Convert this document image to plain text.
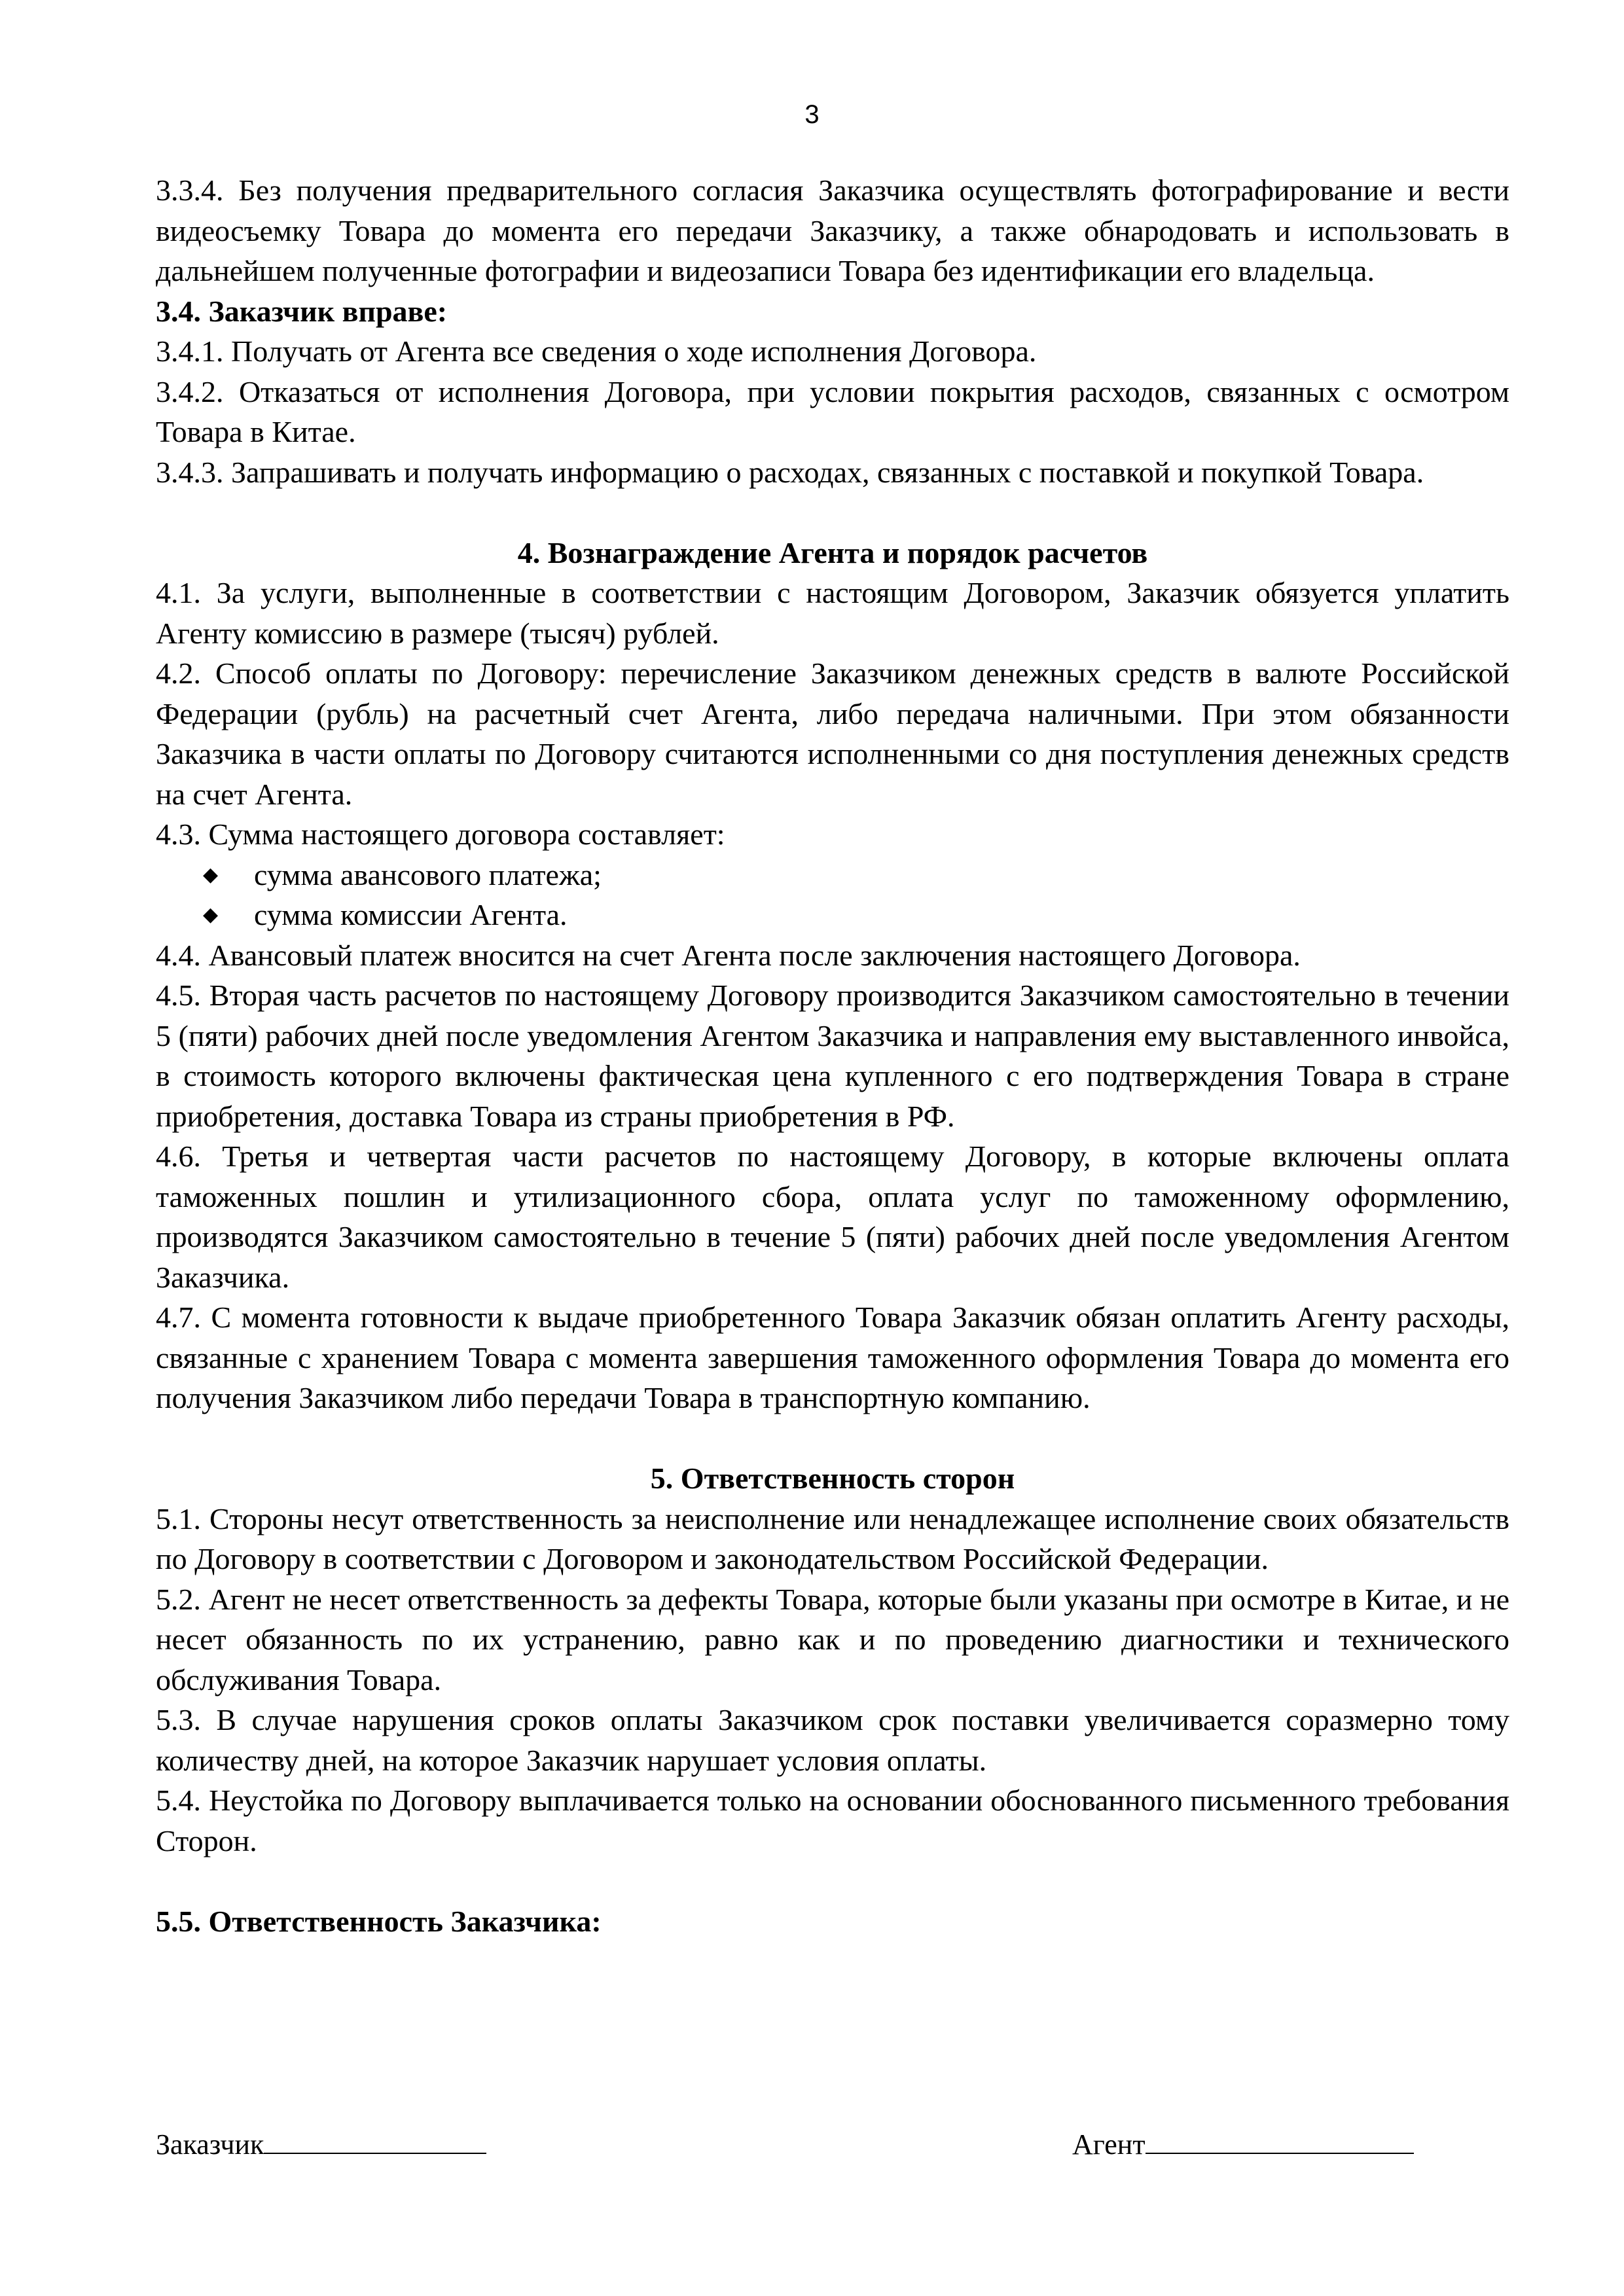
3

3.3.4. Без получения предварительного согласия Заказчика осуществлять фотографирование и вести видеосъемку Товара до момента его передачи Заказчику, а также обнародовать и использовать в дальнейшем полученные фотографии и видеозаписи Товара без идентификации его владельца.

3.4. Заказчик вправе:

3.4.1. Получать от Агента все сведения о ходе исполнения Договора.

3.4.2. Отказаться от исполнения Договора, при условии покрытия расходов, связанных с осмотром Товара в Китае.

3.4.3. Запрашивать и получать информацию о расходах, связанных с поставкой и покупкой Товара.

4. Вознаграждение Агента и порядок расчетов

4.1. За услуги, выполненные в соответствии с настоящим Договором, Заказчик обязуется уплатить Агенту комиссию в размере (тысяч) рублей.

4.2. Способ оплаты по Договору: перечисление Заказчиком денежных средств в валюте Российской Федерации (рубль) на расчетный счет Агента, либо передача наличными. При этом обязанности Заказчика в части оплаты по Договору считаются исполненными со дня поступления денежных средств на счет Агента.

4.3. Сумма настоящего договора составляет:

◆ сумма авансового платежа;

◆ сумма комиссии Агента.

4.4. Авансовый платеж вносится на счет Агента после заключения настоящего Договора.

4.5. Вторая часть расчетов по настоящему Договору производится Заказчиком самостоятельно в течении 5 (пяти) рабочих дней после уведомления Агентом Заказчика и направления ему выставленного инвойса, в стоимость которого включены фактическая цена купленного с его подтверждения Товара в стране приобретения, доставка Товара из страны приобретения в РФ.

4.6. Третья и четвертая части расчетов по настоящему Договору, в которые включены оплата таможенных пошлин и утилизационного сбора, оплата услуг по таможенному оформлению, производятся Заказчиком самостоятельно в течение 5 (пяти) рабочих дней после уведомления Агентом Заказчика.

4.7. С момента готовности к выдаче приобретенного Товара Заказчик обязан оплатить Агенту расходы, связанные с хранением Товара с момента завершения таможенного оформления Товара до момента его получения Заказчиком либо передачи Товара в транспортную компанию.

5. Ответственность сторон

5.1. Стороны несут ответственность за неисполнение или ненадлежащее исполнение своих обязательств по Договору в соответствии с Договором и законодательством Российской Федерации.

5.2. Агент не несет ответственность за дефекты Товара, которые были указаны при осмотре в Китае, и не несет обязанность по их устранению, равно как и по проведению диагностики и технического обслуживания Товара.

5.3. В случае нарушения сроков оплаты Заказчиком срок поставки увеличивается соразмерно тому количеству дней, на которое Заказчик нарушает условия оплаты.

5.4. Неустойка по Договору выплачивается только на основании обоснованного письменного требования Сторон.

5.5. Ответственность Заказчика:

Заказчик	Агент
